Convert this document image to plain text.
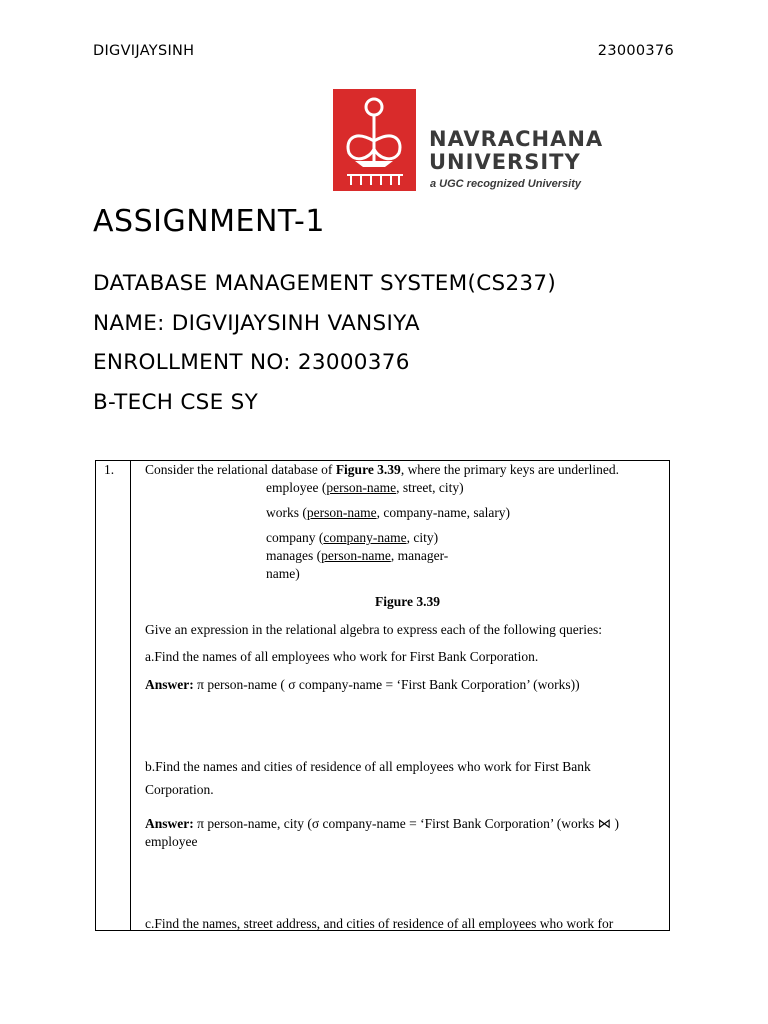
DIGVIJAYSINH	23000376
NAVRACHANA
UNIVERSITY
a UGC recognized University
ASSIGNMENT-1
DATABASE MANAGEMENT SYSTEM(CS237)
NAME: DIGVIJAYSINH VANSIYA
ENROLLMENT NO: 23000376
B-TECH CSE SY
1. Consider the relational database of Figure 3.39, where the primary keys are underlined.
employee (person-name, street, city)
works (person-name, company-name, salary)
company (company-name, city)
manages (person-name, manager-
name)
Figure 3.39
Give an expression in the relational algebra to express each of the following queries:
a.Find the names of all employees who work for First Bank Corporation.
Answer: π person-name ( σ company-name = ‘First Bank Corporation’ (works))
b.Find the names and cities of residence of all employees who work for First Bank
Corporation.
Answer: π person-name, city (σ company-name = ‘First Bank Corporation’ (works ⋈ )
employee
c.Find the names, street address, and cities of residence of all employees who work for
